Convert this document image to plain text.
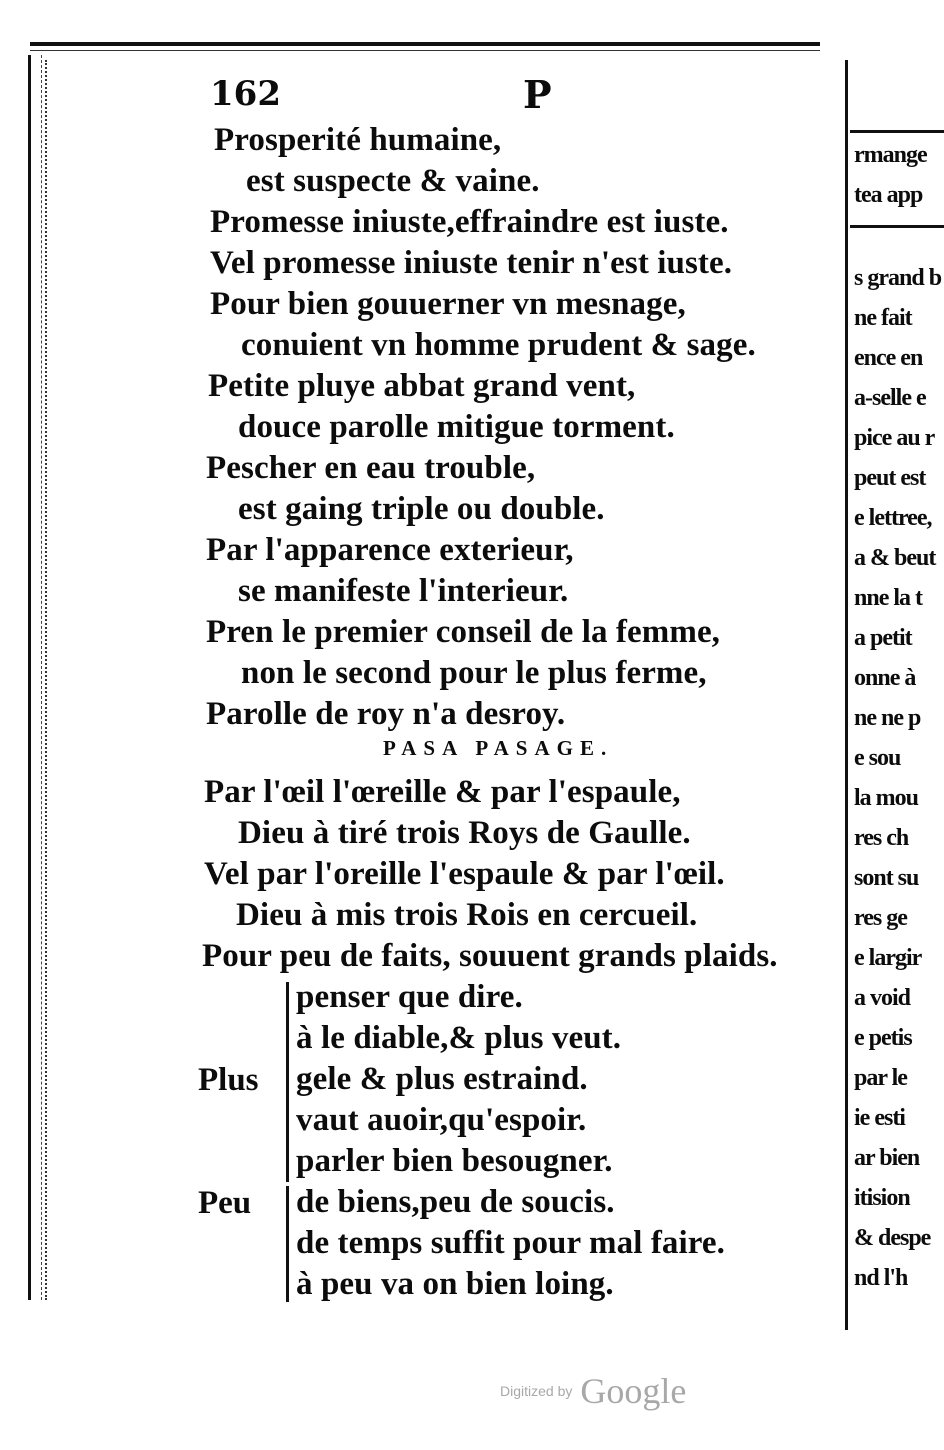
162	P
Prosperité humaine,
est suspecte & vaine.
Promesse iniuste,effraindre est iuste.
Vel promesse iniuste tenir n'est iuste.
Pour bien gouuerner vn mesnage,
conuient vn homme prudent & sage.
Petite pluye abbat grand vent,
douce parolle mitigue torment.
Pescher en eau trouble,
est gaing triple ou double.
Par l'apparence exterieur,
se manifeste l'interieur.
Pren le premier conseil de la femme,
non le second pour le plus ferme,
Parolle de roy n'a desroy.
PASA PASAGE.
Par l'œil l'œreille & par l'espaule,
Dieu à tiré trois Roys de Gaulle.
Vel par l'oreille l'espaule & par l'œil.
Dieu à mis trois Rois en cercueil.
Pour peu de faits, souuent grands plaids.
Plus
penser que dire.
à le diable,& plus veut.
gele & plus estraind.
vaut auoir,qu'espoir.
parler bien besougner.
Peu de biens,peu de soucis.
de temps suffit pour mal faire.
à peu va on bien loing.
rmange
tea app
s grand b
ne fait
ence en
a-selle e
pice au r
peut est
e lettree,
a & beut
nne la t
a petit
onne à
ne ne p
e sou
la mou
res ch
sont su
res ge
e largir
a void
e petis
par le
ie esti
ar bien
itision
& despe
nd l'h
Digitized by Google
